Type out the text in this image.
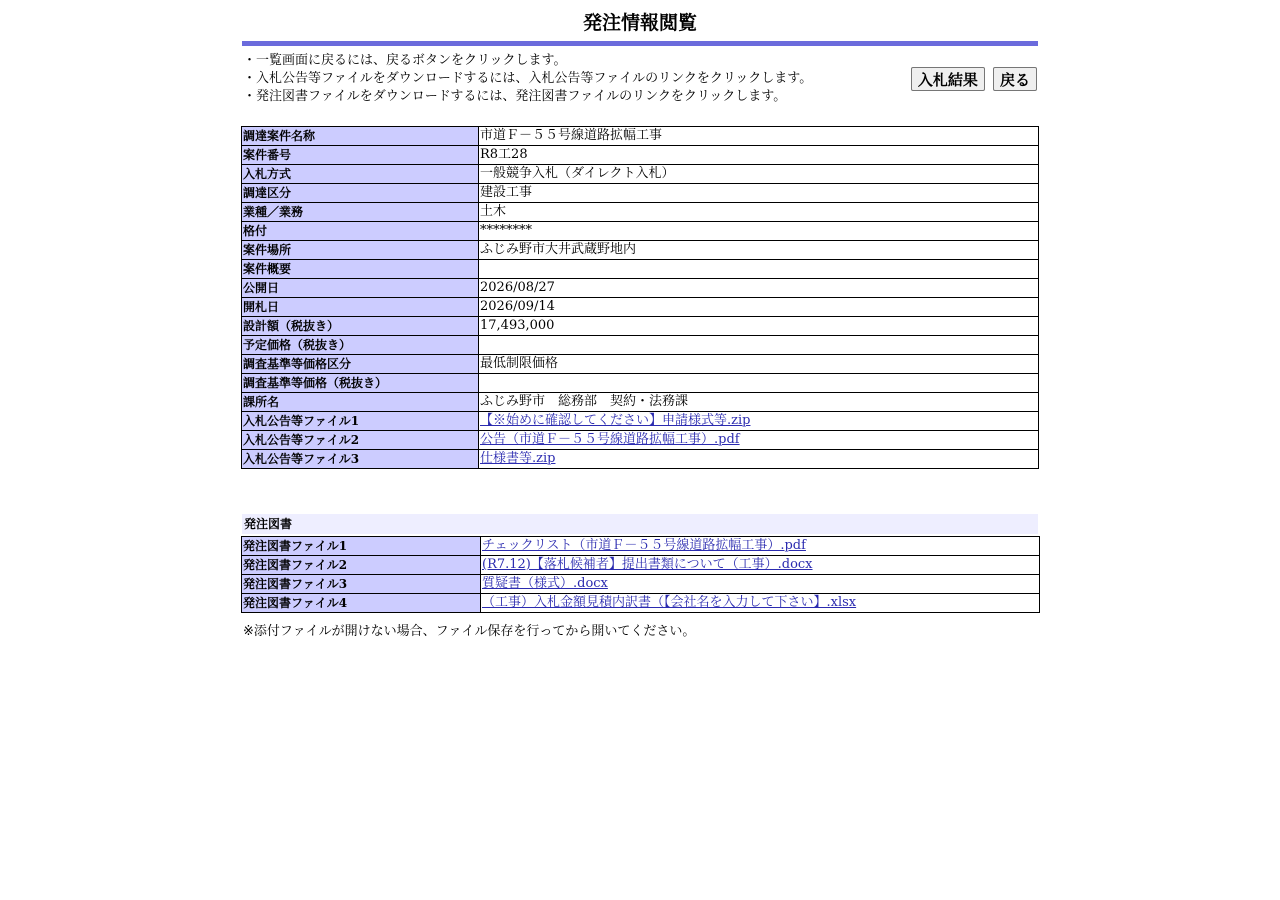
発注情報閲覧
・一覧画面に戻るには、戻るボタンをクリックします。
・入札公告等ファイルをダウンロードするには、入札公告等ファイルのリンクをクリックします。
・発注図書ファイルをダウンロードするには、発注図書ファイルのリンクをクリックします。
入札結果 戻る
調達案件名称	市道Ｆ－５５号線道路拡幅工事
案件番号	R8工28
入札方式	一般競争入札（ダイレクト入札）
調達区分	建設工事
業種／業務	土木
格付	********
案件場所	ふじみ野市大井武蔵野地内
案件概要	
公開日	2026/08/27
開札日	2026/09/14
設計額（税抜き）	17,493,000
予定価格（税抜き）	
調査基準等価格区分	最低制限価格
調査基準等価格（税抜き）	
課所名	ふじみ野市　総務部　契約・法務課
入札公告等ファイル1	【※始めに確認してください】申請様式等.zip
入札公告等ファイル2	公告（市道Ｆ－５５号線道路拡幅工事）.pdf
入札公告等ファイル3	仕様書等.zip
発注図書
発注図書ファイル1	チェックリスト（市道Ｆ－５５号線道路拡幅工事）.pdf
発注図書ファイル2	(R7.12)【落札候補者】提出書類について（工事）.docx
発注図書ファイル3	質疑書（様式）.docx
発注図書ファイル4	（工事）入札金額見積内訳書（【会社名を入力して下さい】.xlsx
※添付ファイルが開けない場合、ファイル保存を行ってから開いてください。
